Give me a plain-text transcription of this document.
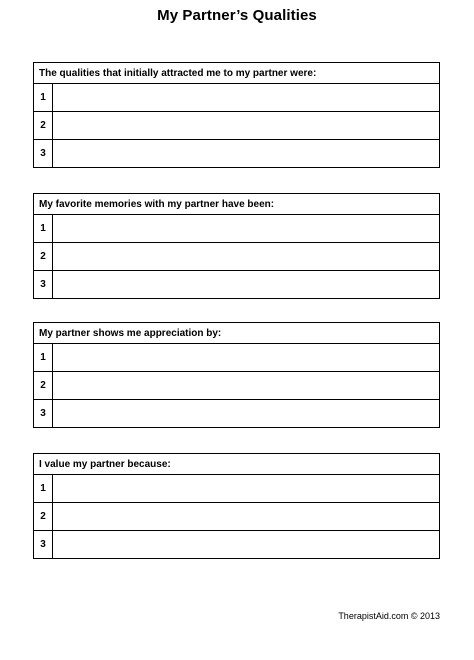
My Partner’s Qualities
The qualities that initially attracted me to my partner were:
1
2
3
My favorite memories with my partner have been:
1
2
3
My partner shows me appreciation by:
1
2
3
I value my partner because:
1
2
3
TherapistAid.com © 2013
